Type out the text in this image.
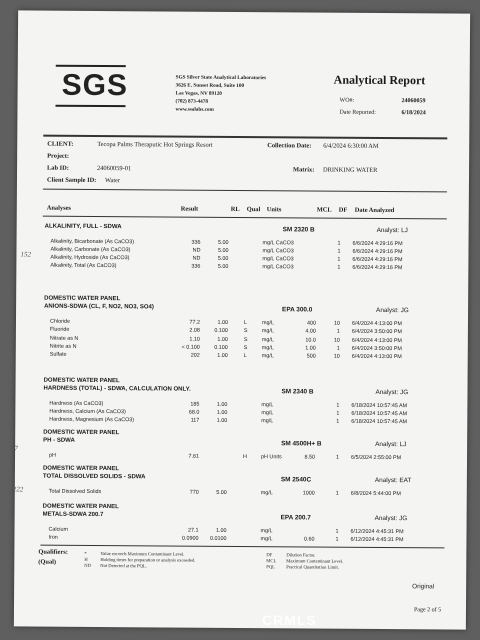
SGS	SGS Silver State Analytical Laboratories
3626 E. Sunset Road, Suite 100
Las Vegas, NV 89120
(702) 873-4478
www.ssalabs.com
Analytical Report
WO#:	24060059
Date Reported:	6/18/2024
CLIENT:	Tecopa Palms Theraputic Hot Springs Resort	Collection Date: 6/4/2024 6:30:00 AM
Project:
Lab ID:	24060059-01	Matrix: DRINKING WATER
Client Sample ID: Water
Analyses	Result	RL Qual Units	MCL DF Date Analyzed
ALKALINITY, FULL - SDWA	SM 2320 B	Analyst: LJ
Alkalinity, Bicarbonate (As CaCO3)	336	5.00	mg/L CaCO3	1 6/6/2024 4:29:16 PM
Alkalinity, Carbonate (As CaCO3)	ND	5.00	mg/L CaCO3	1 6/6/2024 4:29:16 PM
Alkalinity, Hydroxide (As CaCO3)	ND	5.00	mg/L CaCO3	1 6/6/2024 4:29:16 PM
Alkalinity, Total (As CaCO3)	336	5.00	mg/L CaCO3	1 6/6/2024 4:29:16 PM
DOMESTIC WATER PANEL
ANIONS-SDWA (CL, F, NO2, NO3, SO4)	EPA 300.0	Analyst: JG
Chloride	77.2	1.00	L	mg/L	400	10 6/4/2024 4:13:00 PM
Fluoride	2.08	0.100	S	mg/L	4.00	1 6/4/2024 3:50:00 PM
Nitrate as N	1.10	1.00	S	mg/L	10.0	10 6/4/2024 4:13:00 PM
Nitrite as N	< 0.100	0.100	S	mg/L	1.00	1 6/4/2024 3:50:00 PM
Sulfate	202	1.00	L	mg/L	500	10 6/4/2024 4:13:00 PM
DOMESTIC WATER PANEL
HARDNESS (TOTAL) - SDWA, CALCULATION ONLY.	SM 2340 B	Analyst: JG
Hardness (As CaCO3)	185	1.00	mg/L	1 6/18/2024 10:57:45 AM
Hardness, Calcium (As CaCO3)	68.0	1.00	mg/L	1 6/18/2024 10:57:45 AM
Hardness, Magnesium (As CaCO3)	117	1.00	mg/L	1 6/18/2024 10:57:45 AM
DOMESTIC WATER PANEL
PH - SDWA	SM 4500H+ B	Analyst: LJ
pH	7.61	H	pH Units	8.50	1 6/5/2024 2:55:00 PM
DOMESTIC WATER PANEL
TOTAL DISSOLVED SOLIDS - SDWA	SM 2540C	Analyst: EAT
Total Dissolved Solids	770	5.00	mg/L	1000	1 6/8/2024 5:44:00 PM
DOMESTIC WATER PANEL
METALS-SDWA 200.7	EPA 200.7	Analyst: JG
Calcium	27.1	1.00	mg/L	1 6/12/2024 4:45:31 PM
Iron	0.0900 0.0100	mg/L	0.60	1 6/12/2024 4:45:31 PM
152
7.7
222
Qualifiers:
(Qual)
*
H
ND
Value exceeds Maximum Contaminant Level.
Holding times for preparation or analysis exceeded.
Not Detected at the PQL.
DF
MCL
PQL
Dilution Factor.
Maximum Contaminant Level.
Practical Quantitation Limit.
Original
Page 2 of 5
CRMLS
